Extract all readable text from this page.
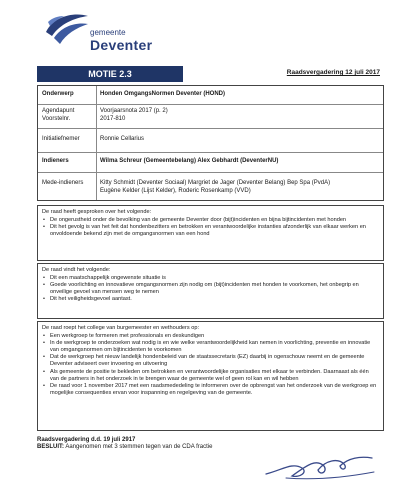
gemeente
Deventer
MOTIE 2.3	Raadsvergadering 12 juli 2017
Onderwerp	Honden OmgangsNormen Deventer (HOND)
Agendapunt	Voorjaarsnota 2017 (p. 2)
Voorstelnr.	2017-810
Initiatiefnemer	Ronnie Cellarius
Indieners	Wilma Schreur (Gemeentebelang) Alex Gebhardt (DeventerNU)
Mede-indieners	Kitty Schmidt (Deventer Sociaal) Margriet de Jager (Deventer Belang) Bep Spa (PvdA)
Eugène Kelder (Lijst Kelder), Roderic Rosenkamp (VVD)

De raad heeft gesproken over het volgende:

• De ongerustheid onder de bevolking van de gemeente Deventer door (bijt)incidenten en bijna bijtincidenten met honden
• Dit het gevolg is van het feit dat hondenbezitters en betrokken en verantwoordelijke instanties afzonderlijk van elkaar werken en onvoldoende bekend zijn met de omgangsnormen van een hond

De raad vindt het volgende:

• Dit een maatschappelijk ongewenste situatie is
• Goede voorlichting en innovatieve omgangsnormen zijn nodig om (bijt)incidenten met honden te voorkomen, het onbegrip en onveilige gevoel van mensen weg te nemen
• Dit het veiligheidsgevoel aantast.

De raad roept het college van burgemeester en wethouders op:

• Een werkgroep te formeren met professionals en deskundigen
• In de werkgroep te onderzoeken wat nodig is en wie welke verantwoordelijkheid kan nemen in voorlichting, preventie en innovatie van omgangsnormen om bijtincidenten te voorkomen
• Dat de werkgroep het nieuw landelijk hondenbeleid van de staatssecretaris (EZ) daarbij in ogenschouw neemt en de gemeente Deventer adviseert over invoering en uitvoering
• Als gemeente de positie te bekleden om betrokken en verantwoordelijke organisaties met elkaar te verbinden. Daarnaast als één van de partners in het onderzoek in te brengen waar de gemeente wel of geen rol kan en wil hebben
• De raad voor 1 november 2017 met een raadsmededeling te informeren over de opbrengst van het onderzoek van de werkgroep en mogelijke consequenties ervan voor inspanning en regelgeving van de gemeente.
Raadsvergadering d.d. 19 juli 2917
BESLUIT: Aangenomen met 3 stemmen tegen van de CDA fractie
